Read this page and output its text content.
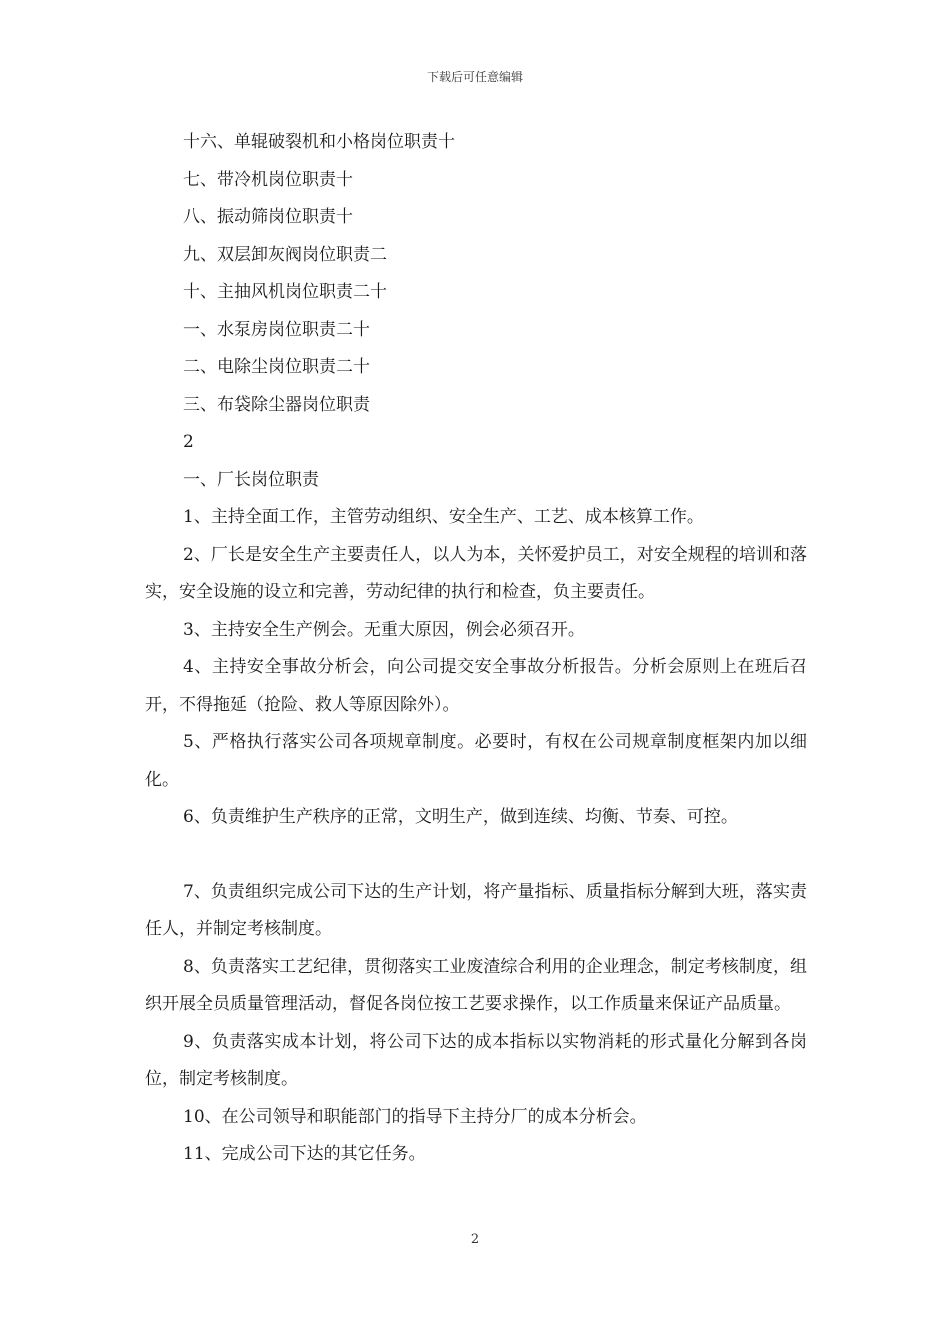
下载后可任意编辑

十六、单辊破裂机和小格岗位职责十

七、带冷机岗位职责十

八、振动筛岗位职责十

九、双层卸灰阀岗位职责二

十、主抽风机岗位职责二十

一、水泵房岗位职责二十

二、电除尘岗位职责二十

三、布袋除尘器岗位职责

2

一、厂长岗位职责

1、主持全面工作，主管劳动组织、安全生产、工艺、成本核算工作。

2、厂长是安全生产主要责任人，以人为本，关怀爱护员工，对安全规程的培训和落实，安全设施的设立和完善，劳动纪律的执行和检查，负主要责任。

3、主持安全生产例会。无重大原因，例会必须召开。

4、主持安全事故分析会，向公司提交安全事故分析报告。分析会原则上在班后召开，不得拖延（抢险、救人等原因除外）。

5、严格执行落实公司各项规章制度。必要时，有权在公司规章制度框架内加以细化。

6、负责维护生产秩序的正常，文明生产，做到连续、均衡、节奏、可控。

7、负责组织完成公司下达的生产计划，将产量指标、质量指标分解到大班，落实责任人，并制定考核制度。

8、负责落实工艺纪律，贯彻落实工业废渣综合利用的企业理念，制定考核制度，组织开展全员质量管理活动，督促各岗位按工艺要求操作，以工作质量来保证产品质量。

9、负责落实成本计划，将公司下达的成本指标以实物消耗的形式量化分解到各岗位，制定考核制度。

10、在公司领导和职能部门的指导下主持分厂的成本分析会。

11、完成公司下达的其它任务。

2
